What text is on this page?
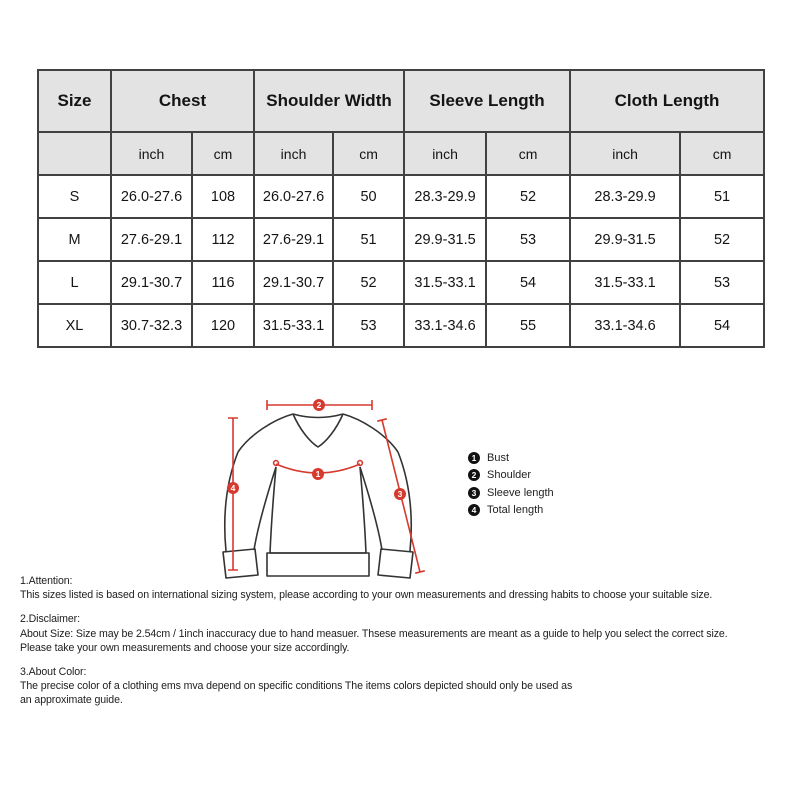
Size	Chest		Shoulder Width		Sleeve Length		Cloth Length	
	inch	cm	inch	cm	inch	cm	inch	cm
S	26.0-27.6	108	26.0-27.6	50	28.3-29.9	52	28.3-29.9	51
M	27.6-29.1	112	27.6-29.1	51	29.9-31.5	53	29.9-31.5	52
L	29.1-30.7	116	29.1-30.7	52	31.5-33.1	54	31.5-33.1	53
XL	30.7-32.3	120	31.5-33.1	53	33.1-34.6	55	33.1-34.6	54
1
2
3
4
1 Bust
2 Shoulder
3 Sleeve length
4 Total length
1.Attention:
This sizes listed is based on international sizing system, please according to your own measurements and dressing habits to choose your suitable size.
2.Disclaimer:
About Size: Size may be 2.54cm / 1inch inaccuracy due to hand measuer. Thsese measurements are meant as a guide to help you select the correct size.
Please take your own measurements and choose your size accordingly.
3.About Color:
The precise color of a clothing ems mva depend on specific conditions The items colors depicted should only be used as
an approximate guide.
